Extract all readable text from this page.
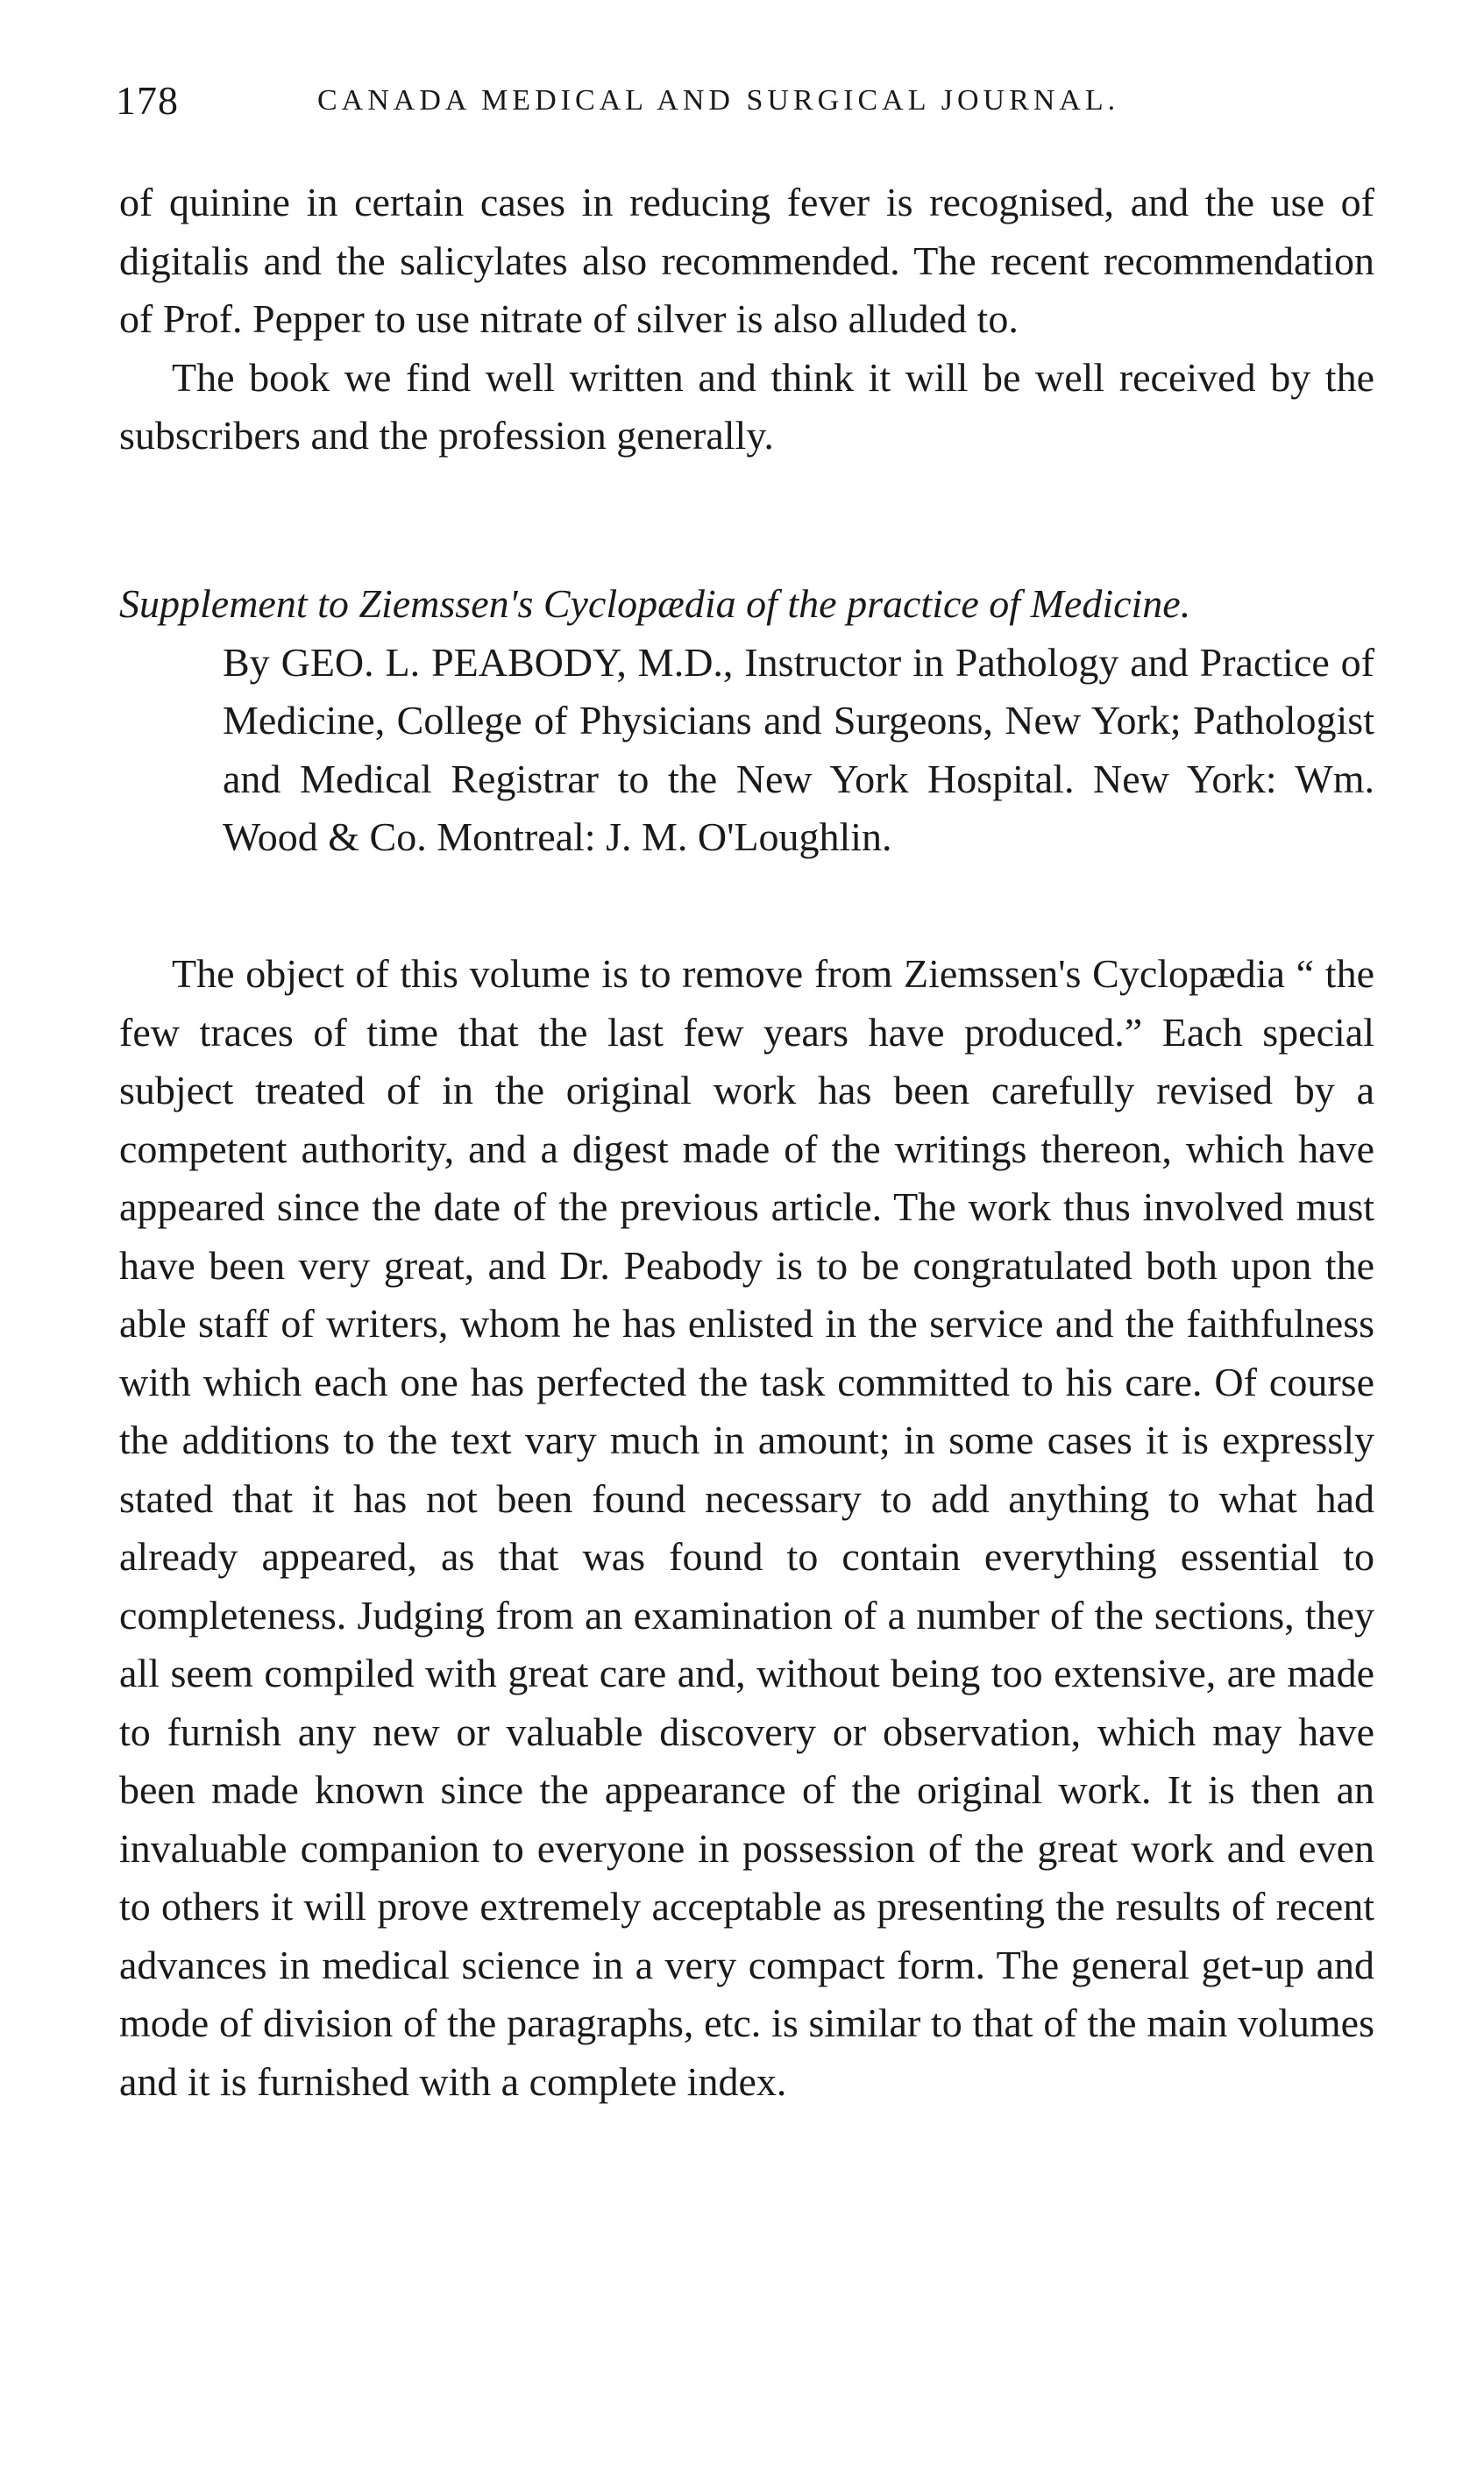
178	CANADA MEDICAL AND SURGICAL JOURNAL.

of quinine in certain cases in reducing fever is recognised, and the use of digitalis and the salicylates also recommended. The recent recommendation of Prof. Pepper to use nitrate of silver is also alluded to.

The book we find well written and think it will be well received by the subscribers and the profession generally.

Supplement to Ziemssen's Cyclopædia of the practice of Medicine.

By GEO. L. PEABODY, M.D., Instructor in Pathology and Practice of Medicine, College of Physicians and Surgeons, New York; Pathologist and Medical Registrar to the New York Hospital. New York: Wm. Wood & Co. Montreal: J. M. O'Loughlin.

The object of this volume is to remove from Ziemssen's Cyclopædia “ the few traces of time that the last few years have produced.” Each special subject treated of in the original work has been carefully revised by a competent authority, and a digest made of the writings thereon, which have appeared since the date of the previous article. The work thus involved must have been very great, and Dr. Peabody is to be congratulated both upon the able staff of writers, whom he has enlisted in the service and the faithfulness with which each one has perfected the task committed to his care. Of course the additions to the text vary much in amount; in some cases it is expressly stated that it has not been found necessary to add anything to what had already appeared, as that was found to contain everything essential to completeness. Judging from an examination of a number of the sections, they all seem compiled with great care and, without being too extensive, are made to furnish any new or valuable discovery or observation, which may have been made known since the appearance of the original work. It is then an invaluable companion to everyone in possession of the great work and even to others it will prove extremely acceptable as presenting the results of recent advances in medical science in a very compact form. The general get-up and mode of division of the paragraphs, etc. is similar to that of the main volumes and it is furnished with a complete index.
